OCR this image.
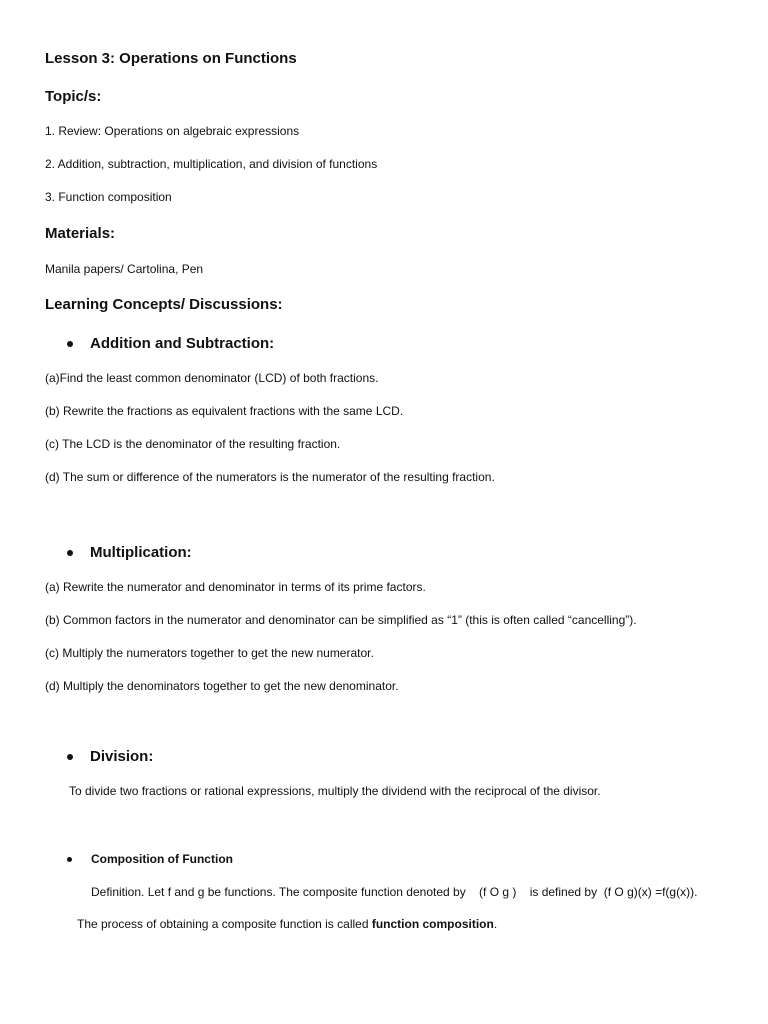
Lesson 3: Operations on Functions
Topic/s:
1. Review: Operations on algebraic expressions
2. Addition, subtraction, multiplication, and division of functions
3. Function composition
Materials:
Manila papers/ Cartolina, Pen
Learning Concepts/ Discussions:
Addition and Subtraction:
(a)Find the least common denominator (LCD) of both fractions.
(b) Rewrite the fractions as equivalent fractions with the same LCD.
(c) The LCD is the denominator of the resulting fraction.
(d) The sum or difference of the numerators is the numerator of the resulting fraction.
Multiplication:
(a) Rewrite the numerator and denominator in terms of its prime factors.
(b) Common factors in the numerator and denominator can be simplified as “1” (this is often called “cancelling”).
(c) Multiply the numerators together to get the new numerator.
(d) Multiply the denominators together to get the new denominator.
Division:
To divide two fractions or rational expressions, multiply the dividend with the reciprocal of the divisor.
Composition of Function
Definition. Let f and g be functions. The composite function denoted by    (f O g )    is defined by  (f O g)(x) =f(g(x)).
The process of obtaining a composite function is called function composition.
